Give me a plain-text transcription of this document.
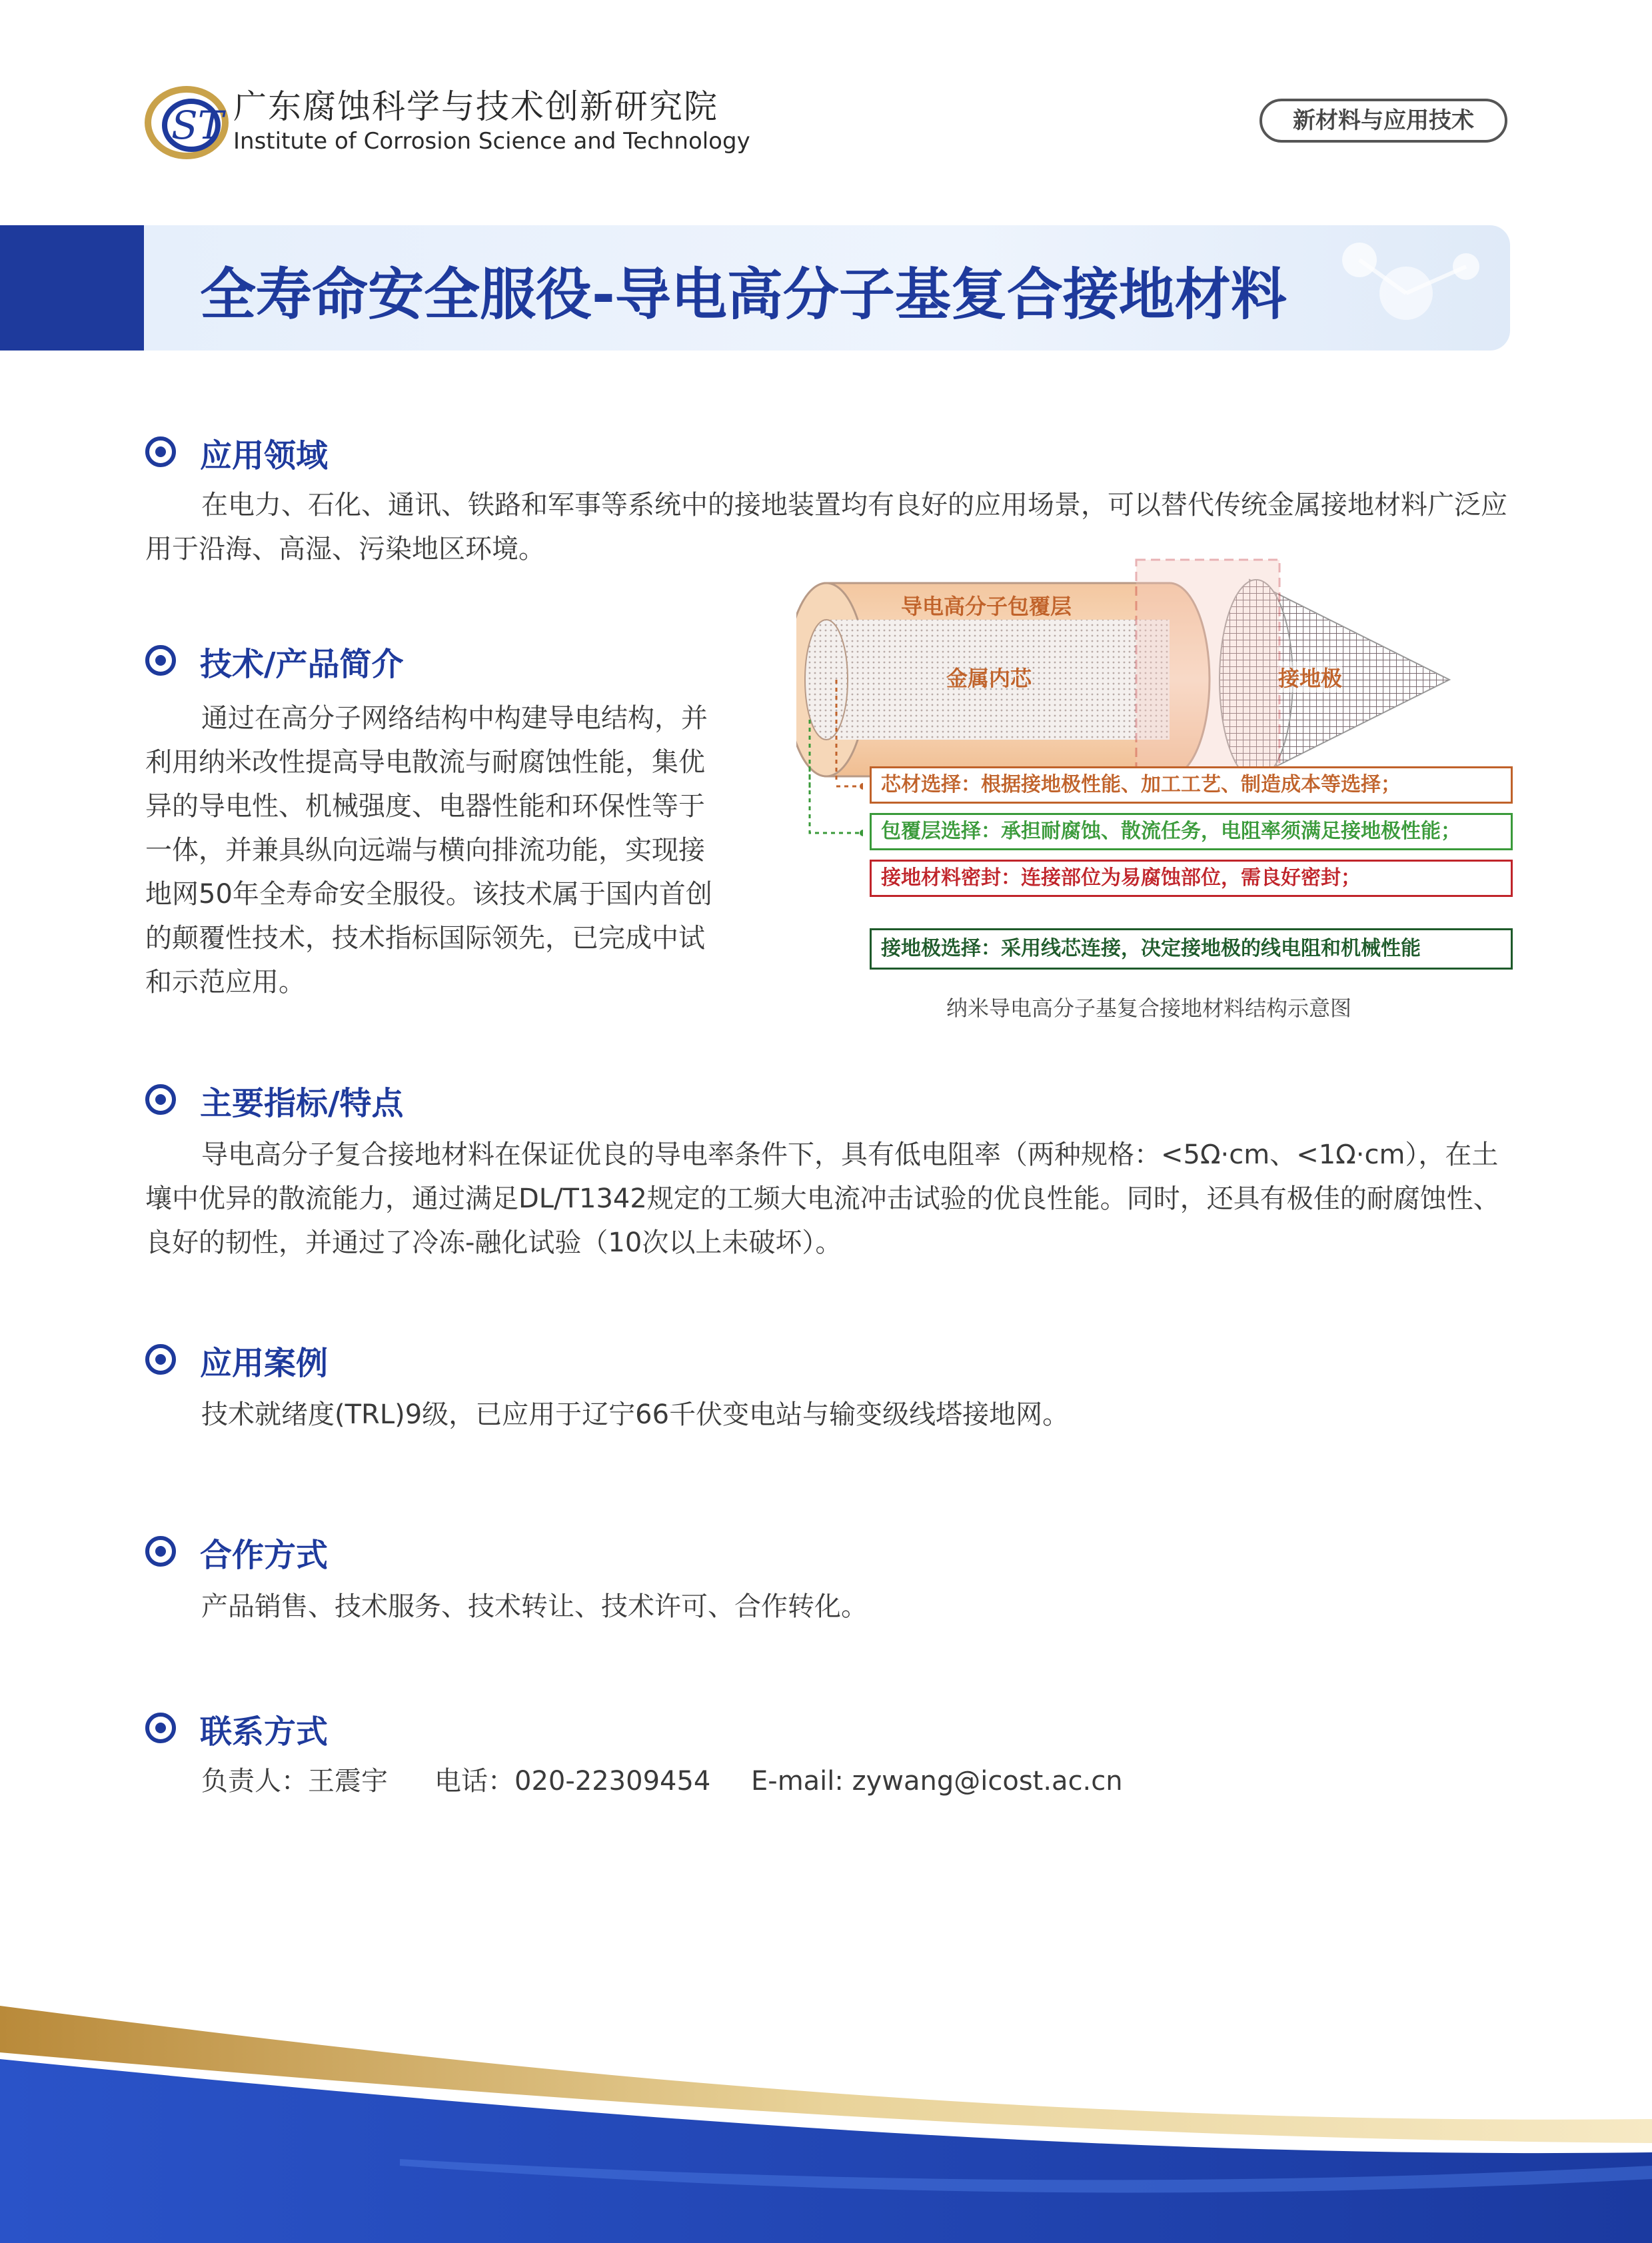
ST 广东腐蚀科学与技术创新研究院
Institute of Corrosion Science and Technology
新材料与应用技术
全寿命安全服役-导电高分子基复合接地材料
应用领域
在电力、石化、通讯、铁路和军事等系统中的接地装置均有良好的应用场景，可以替代传统金属接地材料广泛应用于沿海、高湿、污染地区环境。
技术/产品简介
通过在高分子网络结构中构建导电结构，并利用纳米改性提高导电散流与耐腐蚀性能，集优异的导电性、机械强度、电器性能和环保性等于一体，并兼具纵向远端与横向排流功能，实现接地网50年全寿命安全服役。该技术属于国内首创的颠覆性技术，技术指标国际领先，已完成中试和示范应用。
导电高分子包覆层
金属内芯	接地极
芯材选择：根据接地极性能、加工工艺、制造成本等选择；
包覆层选择：承担耐腐蚀、散流任务，电阻率须满足接地极性能；
接地材料密封：连接部位为易腐蚀部位，需良好密封；
接地极选择：采用线芯连接，决定接地极的线电阻和机械性能
纳米导电高分子基复合接地材料结构示意图
主要指标/特点
导电高分子复合接地材料在保证优良的导电率条件下，具有低电阻率（两种规格：<5Ω·cm、<1Ω·cm），在土壤中优异的散流能力，通过满足DL/T1342规定的工频大电流冲击试验的优良性能。同时，还具有极佳的耐腐蚀性、良好的韧性，并通过了冷冻-融化试验（10次以上未破坏）。
应用案例
技术就绪度(TRL)9级，已应用于辽宁66千伏变电站与输变级线塔接地网。
合作方式
产品销售、技术服务、技术转让、技术许可、合作转化。
联系方式
负责人：王震宇 电话：020-22309454 E-mail: zywang@icost.ac.cn
